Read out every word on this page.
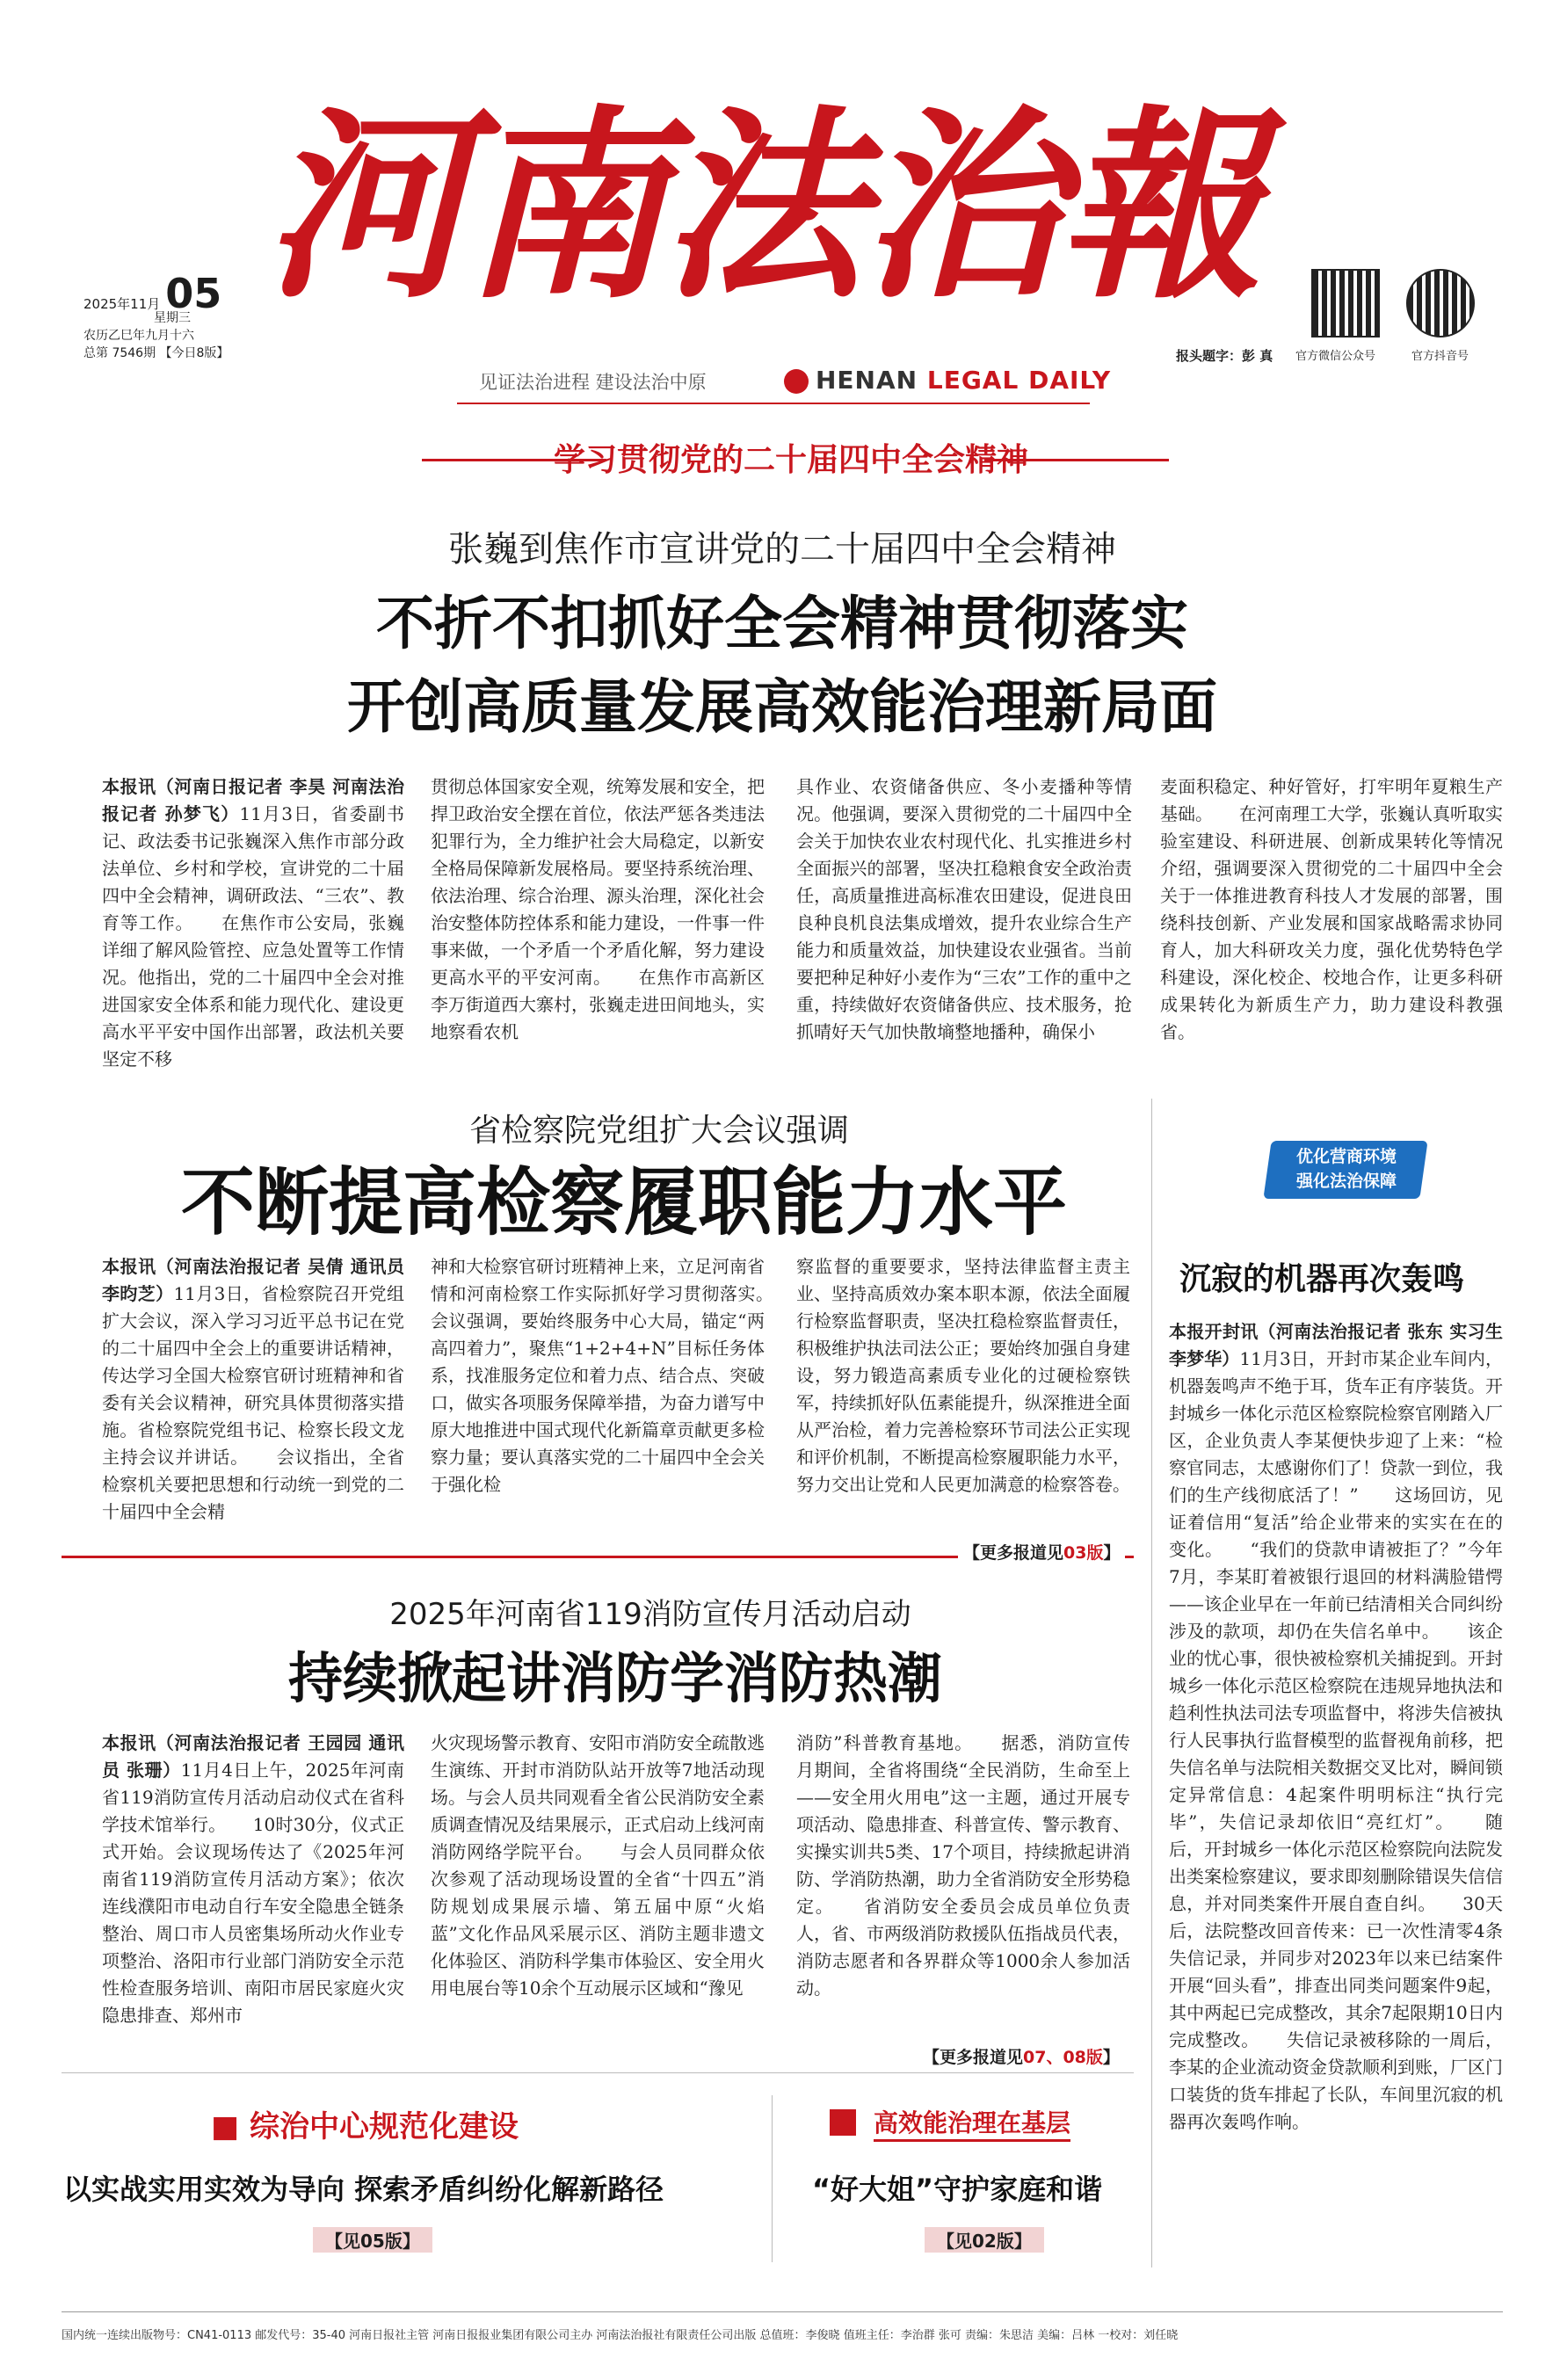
河南法治報
2025年11月 05
星期三
农历乙巳年九月十六
总第 7546期 【今日8版】
见证法治进程 建设法治中原	HENAN LEGAL DAILY
报头题字：彭 真 官方微信公众号	官方抖音号
学习贯彻党的二十届四中全会精神
张巍到焦作市宣讲党的二十届四中全会精神
不折不扣抓好全会精神贯彻落实
开创高质量发展高效能治理新局面
本报讯（河南日报记者 李昊 河南法治报记者 孙梦飞）11月3日，省委副书记、政法委书记张巍深入焦作市部分政法单位、乡村和学校，宣讲党的二十届四中全会精神，调研政法、“三农”、教育等工作。　　在焦作市公安局，张巍详细了解风险管控、应急处置等工作情况。他指出，党的二十届四中全会对推进国家安全体系和能力现代化、建设更高水平平安中国作出部署，政法机关要坚定不移
贯彻总体国家安全观，统筹发展和安全，把捍卫政治安全摆在首位，依法严惩各类违法犯罪行为，全力维护社会大局稳定，以新安全格局保障新发展格局。要坚持系统治理、依法治理、综合治理、源头治理，深化社会治安整体防控体系和能力建设，一件事一件事来做，一个矛盾一个矛盾化解，努力建设更高水平的平安河南。　　在焦作市高新区李万街道西大寨村，张巍走进田间地头，实地察看农机
具作业、农资储备供应、冬小麦播种等情况。他强调，要深入贯彻党的二十届四中全会关于加快农业农村现代化、扎实推进乡村全面振兴的部署，坚决扛稳粮食安全政治责任，高质量推进高标准农田建设，促进良田良种良机良法集成增效，提升农业综合生产能力和质量效益，加快建设农业强省。当前要把种足种好小麦作为“三农”工作的重中之重，持续做好农资储备供应、技术服务，抢抓晴好天气加快散墒整地播种，确保小
麦面积稳定、种好管好，打牢明年夏粮生产基础。　　在河南理工大学，张巍认真听取实验室建设、科研进展、创新成果转化等情况介绍，强调要深入贯彻党的二十届四中全会关于一体推进教育科技人才发展的部署，围绕科技创新、产业发展和国家战略需求协同育人，加大科研攻关力度，强化优势特色学科建设，深化校企、校地合作，让更多科研成果转化为新质生产力，助力建设科教强省。
省检察院党组扩大会议强调
不断提高检察履职能力水平
本报讯（河南法治报记者 吴倩 通讯员 李昀芝）11月3日，省检察院召开党组扩大会议，深入学习习近平总书记在党的二十届四中全会上的重要讲话精神，传达学习全国大检察官研讨班精神和省委有关会议精神，研究具体贯彻落实措施。省检察院党组书记、检察长段文龙主持会议并讲话。　　会议指出，全省检察机关要把思想和行动统一到党的二十届四中全会精
神和大检察官研讨班精神上来，立足河南省情和河南检察工作实际抓好学习贯彻落实。　　会议强调，要始终服务中心大局，锚定“两高四着力”，聚焦“1+2+4+N”目标任务体系，找准服务定位和着力点、结合点、突破口，做实各项服务保障举措，为奋力谱写中原大地推进中国式现代化新篇章贡献更多检察力量；要认真落实党的二十届四中全会关于强化检
察监督的重要要求，坚持法律监督主责主业、坚持高质效办案本职本源，依法全面履行检察监督职责，坚决扛稳检察监督责任，积极维护执法司法公正；要始终加强自身建设，努力锻造高素质专业化的过硬检察铁军，持续抓好队伍素能提升，纵深推进全面从严治检，着力完善检察环节司法公正实现和评价机制，不断提高检察履职能力水平，努力交出让党和人民更加满意的检察答卷。
【更多报道见03版】
2025年河南省119消防宣传月活动启动
持续掀起讲消防学消防热潮
本报讯（河南法治报记者 王园园 通讯员 张珊）11月4日上午，2025年河南省119消防宣传月活动启动仪式在省科学技术馆举行。　　10时30分，仪式正式开始。会议现场传达了《2025年河南省119消防宣传月活动方案》；依次连线濮阳市电动自行车安全隐患全链条整治、周口市人员密集场所动火作业专项整治、洛阳市行业部门消防安全示范性检查服务培训、南阳市居民家庭火灾隐患排查、郑州市
火灾现场警示教育、安阳市消防安全疏散逃生演练、开封市消防队站开放等7地活动现场。与会人员共同观看全省公民消防安全素质调查情况及结果展示，正式启动上线河南消防网络学院平台。　　与会人员同群众依次参观了活动现场设置的全省“十四五”消防规划成果展示墙、第五届中原“火焰蓝”文化作品风采展示区、消防主题非遗文化体验区、消防科学集市体验区、安全用火用电展台等10余个互动展示区域和“豫见
消防”科普教育基地。　　据悉，消防宣传月期间，全省将围绕“全民消防，生命至上——安全用火用电”这一主题，通过开展专项活动、隐患排查、科普宣传、警示教育、实操实训共5类、17个项目，持续掀起讲消防、学消防热潮，助力全省消防安全形势稳定。　　省消防安全委员会成员单位负责人，省、市两级消防救援队伍指战员代表，消防志愿者和各界群众等1000余人参加活动。
【更多报道见07、08版】
优化营商环境
强化法治保障
沉寂的机器再次轰鸣
本报开封讯（河南法治报记者 张东 实习生 李梦华）11月3日，开封市某企业车间内，机器轰鸣声不绝于耳，货车正有序装货。开封城乡一体化示范区检察院检察官刚踏入厂区，企业负责人李某便快步迎了上来：“检察官同志，太感谢你们了！贷款一到位，我们的生产线彻底活了！”　　这场回访，见证着信用“复活”给企业带来的实实在在的变化。　　“我们的贷款申请被拒了？”今年7月，李某盯着被银行退回的材料满脸错愕——该企业早在一年前已结清相关合同纠纷涉及的款项，却仍在失信名单中。　　该企业的忧心事，很快被检察机关捕捉到。开封城乡一体化示范区检察院在违规异地执法和趋利性执法司法专项监督中，将涉失信被执行人民事执行监督模型的监督视角前移，把失信名单与法院相关数据交叉比对，瞬间锁定异常信息：4起案件明明标注“执行完毕”，失信记录却依旧“亮红灯”。　　随后，开封城乡一体化示范区检察院向法院发出类案检察建议，要求即刻删除错误失信信息，并对同类案件开展自查自纠。　　30天后，法院整改回音传来：已一次性清零4条失信记录，并同步对2023年以来已结案件开展“回头看”，排查出同类问题案件9起，其中两起已完成整改，其余7起限期10日内完成整改。　　失信记录被移除的一周后，李某的企业流动资金贷款顺利到账，厂区门口装货的货车排起了长队，车间里沉寂的机器再次轰鸣作响。
■ 综治中心规范化建设
以实战实用实效为导向 探索矛盾纠纷化解新路径
【见05版】
高效能治理在基层
“好大姐”守护家庭和谐
【见02版】
国内统一连续出版物号：CN41-0113 邮发代号：35-40 河南日报社主管 河南日报报业集团有限公司主办 河南法治报社有限责任公司出版 总值班：李俊晓 值班主任：李治群 张可 责编：朱思洁 美编：吕林 一校对：刘任晓
